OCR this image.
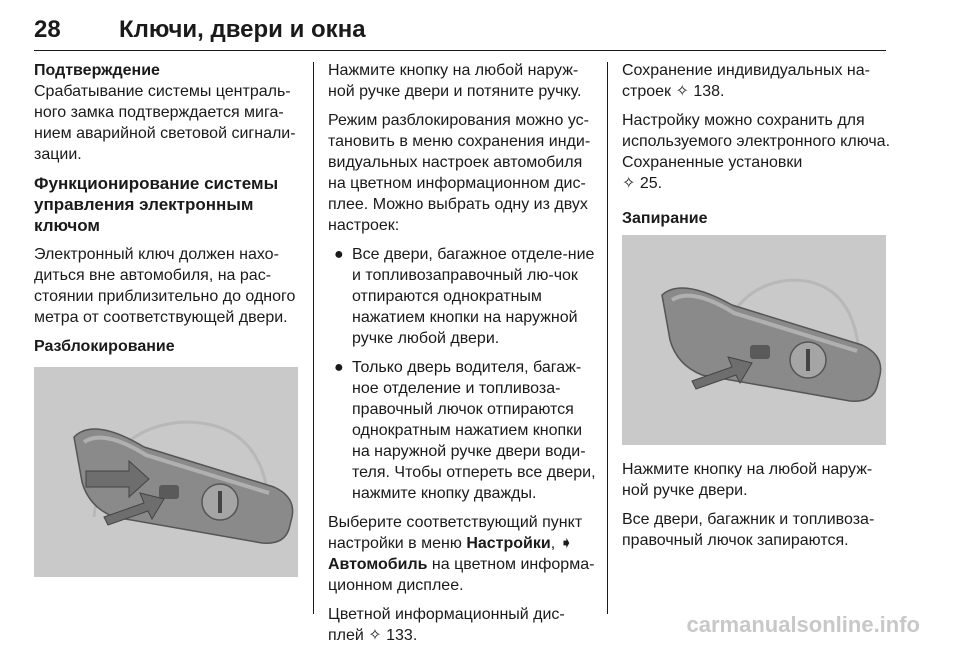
28 Ключи, двери и окна

Подтверждение

Срабатывание системы централь-ного замка подтверждается мига-нием аварийной световой сигнали-зации.

Функционирование системы управления электронным ключом

Электронный ключ должен нахо-диться вне автомобиля, на рас-стоянии приблизительно до одного метра от соответствующей двери.

Разблокирование

Нажмите кнопку на любой наруж-ной ручке двери и потяните ручку.

Режим разблокирования можно ус-тановить в меню сохранения инди-видуальных настроек автомобиля на цветном информационном дис-плее. Можно выбрать одну из двух настроек:

● Все двери, багажное отделе-ние и топливозаправочный лю-чок отпираются однократным нажатием кнопки на наружной ручке любой двери.
● Только дверь водителя, багаж-ное отделение и топливоза-правочный лючок отпираются однократным нажатием кнопки на наружной ручке двери води-теля. Чтобы отпереть все двери, нажмите кнопку дважды.

Выберите соответствующий пункт настройки в меню Настройки, ➧
Автомобиль на цветном информа-ционном дисплее.

Цветной информационный дис-плей ✧ 133.

Сохранение индивидуальных на-строек ✧ 138.

Настройку можно сохранить для используемого электронного ключа. Сохраненные установки
✧ 25.

Запирание

Нажмите кнопку на любой наруж-ной ручке двери.

Все двери, багажник и топливоза-правочный лючок запираются.

carmanualsonline.info
